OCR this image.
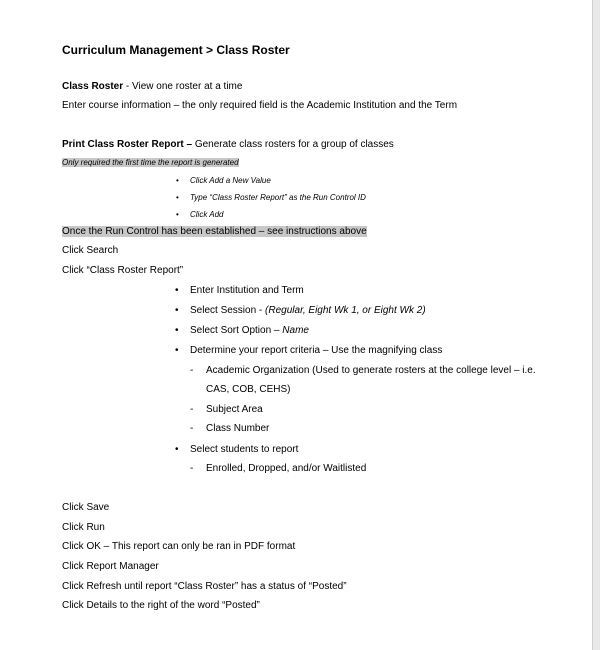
Curriculum Management > Class Roster
Class Roster - View one roster at a time
Enter course information – the only required field is the Academic Institution and the Term
Print Class Roster Report – Generate class rosters for a group of classes
Only required the first time the report is generated
• Click Add a New Value
• Type “Class Roster Report” as the Run Control ID
• Click Add
Once the Run Control has been established – see instructions above
Click Search
Click “Class Roster Report”
• Enter Institution and Term
• Select Session - (Regular, Eight Wk 1, or Eight Wk 2)
• Select Sort Option – Name
• Determine your report criteria – Use the magnifying class
- Academic Organization (Used to generate rosters at the college level – i.e.
CAS, COB, CEHS)
- Subject Area
- Class Number
• Select students to report
- Enrolled, Dropped, and/or Waitlisted
Click Save
Click Run
Click OK – This report can only be ran in PDF format
Click Report Manager
Click Refresh until report “Class Roster” has a status of “Posted”
Click Details to the right of the word “Posted”
